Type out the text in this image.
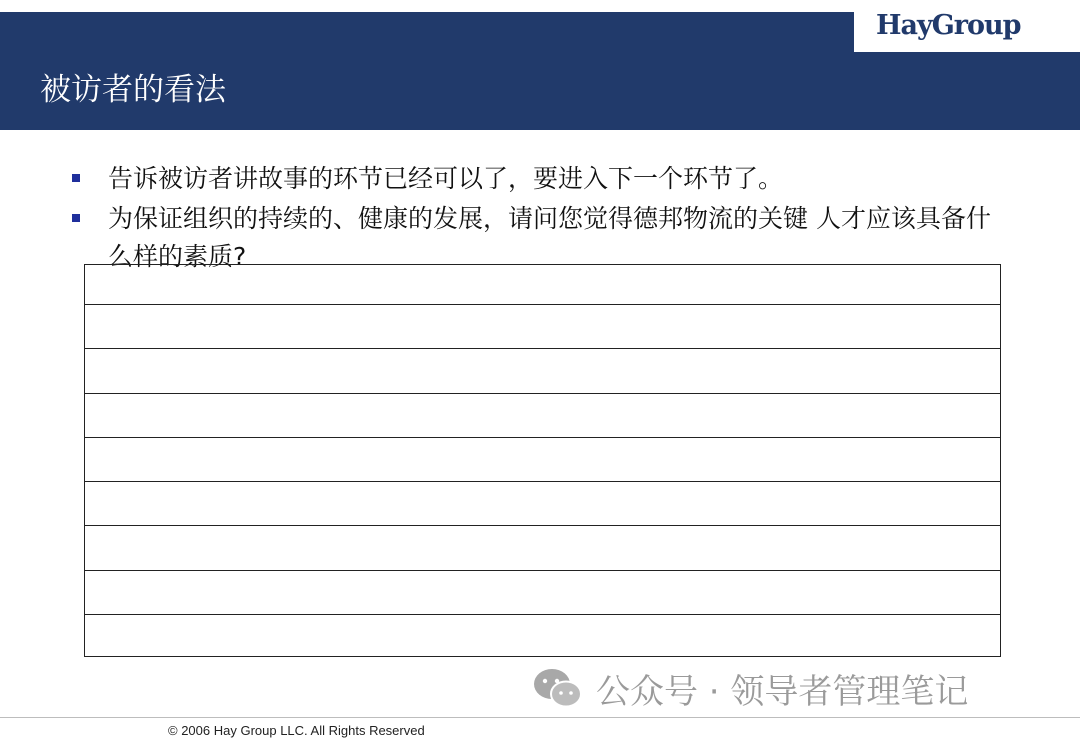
HayGroup
被访者的看法
告诉被访者讲故事的环节已经可以了，要进入下一个环节了。
为保证组织的持续的、健康的发展，请问您觉得德邦物流的关键 人才应该具备什么样的素质?
公众号 · 领导者管理笔记
© 2006 Hay Group LLC. All Rights Reserved
